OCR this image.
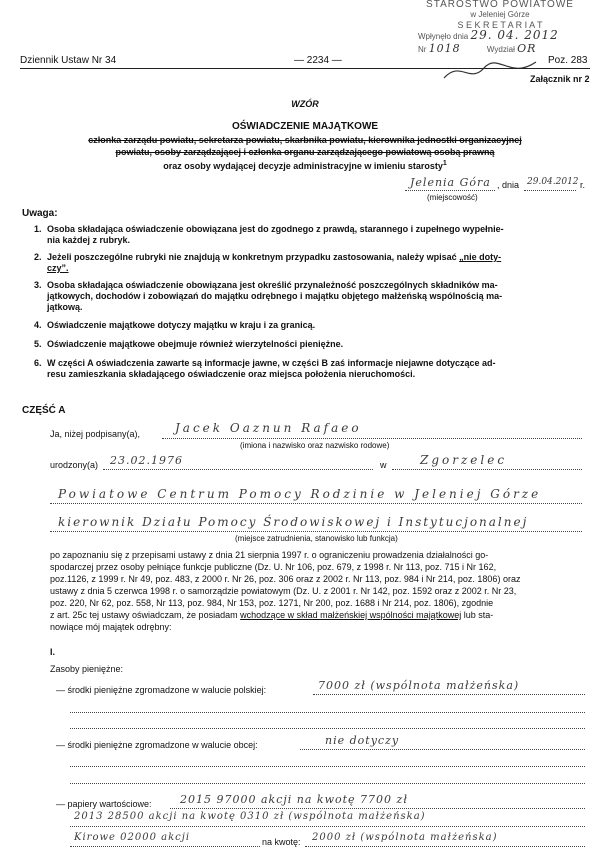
STAROSTWO POWIATOWE
w Jeleniej Górze
S E K R E T A R I A T
Wpłynęło dnia 29. 04. 2012
Nr 1018	Wydział OR
Dziennik Ustaw Nr 34	— 2234 —	Poz. 283
Załącznik nr 2
WZÓR
OŚWIADCZENIE MAJĄTKOWE
członka zarządu powiatu, sekretarza powiatu, skarbnika powiatu, kierownika jednostki organizacyjnej
powiatu, osoby zarządzającej i członka organu zarządzającego powiatową osobą prawną
oraz osoby wydającej decyzje administracyjne w imieniu starosty$^1$
Jelenia Góra , dnia 29.04.2012 r.
(miejscowość)
Uwaga:
1. Osoba składająca oświadczenie obowiązana jest do zgodnego z prawdą, starannego i zupełnego wypełnie-
nia każdej z rubryk.
2. Jeżeli poszczególne rubryki nie znajdują w konkretnym przypadku zastosowania, należy wpisać „nie doty-
czy”.
3. Osoba składająca oświadczenie obowiązana jest określić przynależność poszczególnych składników ma-
jątkowych, dochodów i zobowiązań do majątku odrębnego i majątku objętego małżeńską wspólnością ma-
jątkową.
4. Oświadczenie majątkowe dotyczy majątku w kraju i za granicą.
5. Oświadczenie majątkowe obejmuje również wierzytelności pieniężne.
6. W części A oświadczenia zawarte są informacje jawne, w części B zaś informacje niejawne dotyczące ad-
resu zamieszkania składającego oświadczenie oraz miejsca położenia nieruchomości.
CZĘŚĆ A
Ja, niżej podpisany(a),	Jacek Oaznun Rafaeo
(imiona i nazwisko oraz nazwisko rodowe)
urodzony(a) 23.02.1976	w	Zgorzelec
Powiatowe Centrum Pomocy Rodzinie w Jeleniej Górze
kierownik Działu Pomocy Środowiskowej i Instytucjonalnej
(miejsce zatrudnienia, stanowisko lub funkcja)
po zapoznaniu się z przepisami ustawy z dnia 21 sierpnia 1997 r. o ograniczeniu prowadzenia działalności go-
spodarczej przez osoby pełniące funkcje publiczne (Dz. U. Nr 106, poz. 679, z 1998 r. Nr 113, poz. 715 i Nr 162,
poz.1126, z 1999 r. Nr 49, poz. 483, z 2000 r. Nr 26, poz. 306 oraz z 2002 r. Nr 113, poz. 984 i Nr 214, poz. 1806) oraz
ustawy z dnia 5 czerwca 1998 r. o samorządzie powiatowym (Dz. U. z 2001 r. Nr 142, poz. 1592 oraz z 2002 r. Nr 23,
poz. 220, Nr 62, poz. 558, Nr 113, poz. 984, Nr 153, poz. 1271, Nr 200, poz. 1688 i Nr 214, poz. 1806), zgodnie
z art. 25c tej ustawy oświadczam, że posiadam wchodzące w skład małżeńskiej wspólności majątkowej lub sta-
nowiące mój majątek odrębny:
I.
Zasoby pieniężne:
— środki pieniężne zgromadzone w walucie polskiej:	7000 zł (wspólnota małżeńska)
— środki pieniężne zgromadzone w walucie obcej:	nie dotyczy
— papiery wartościowe:	2015 97000 akcji na kwotę 7700 zł
2013 28500 akcji na kwotę 0310 zł (wspólnota małżeńska)
Kirowe 02000 akcji	na kwotę: 2000 zł (wspólnota małżeńska)
